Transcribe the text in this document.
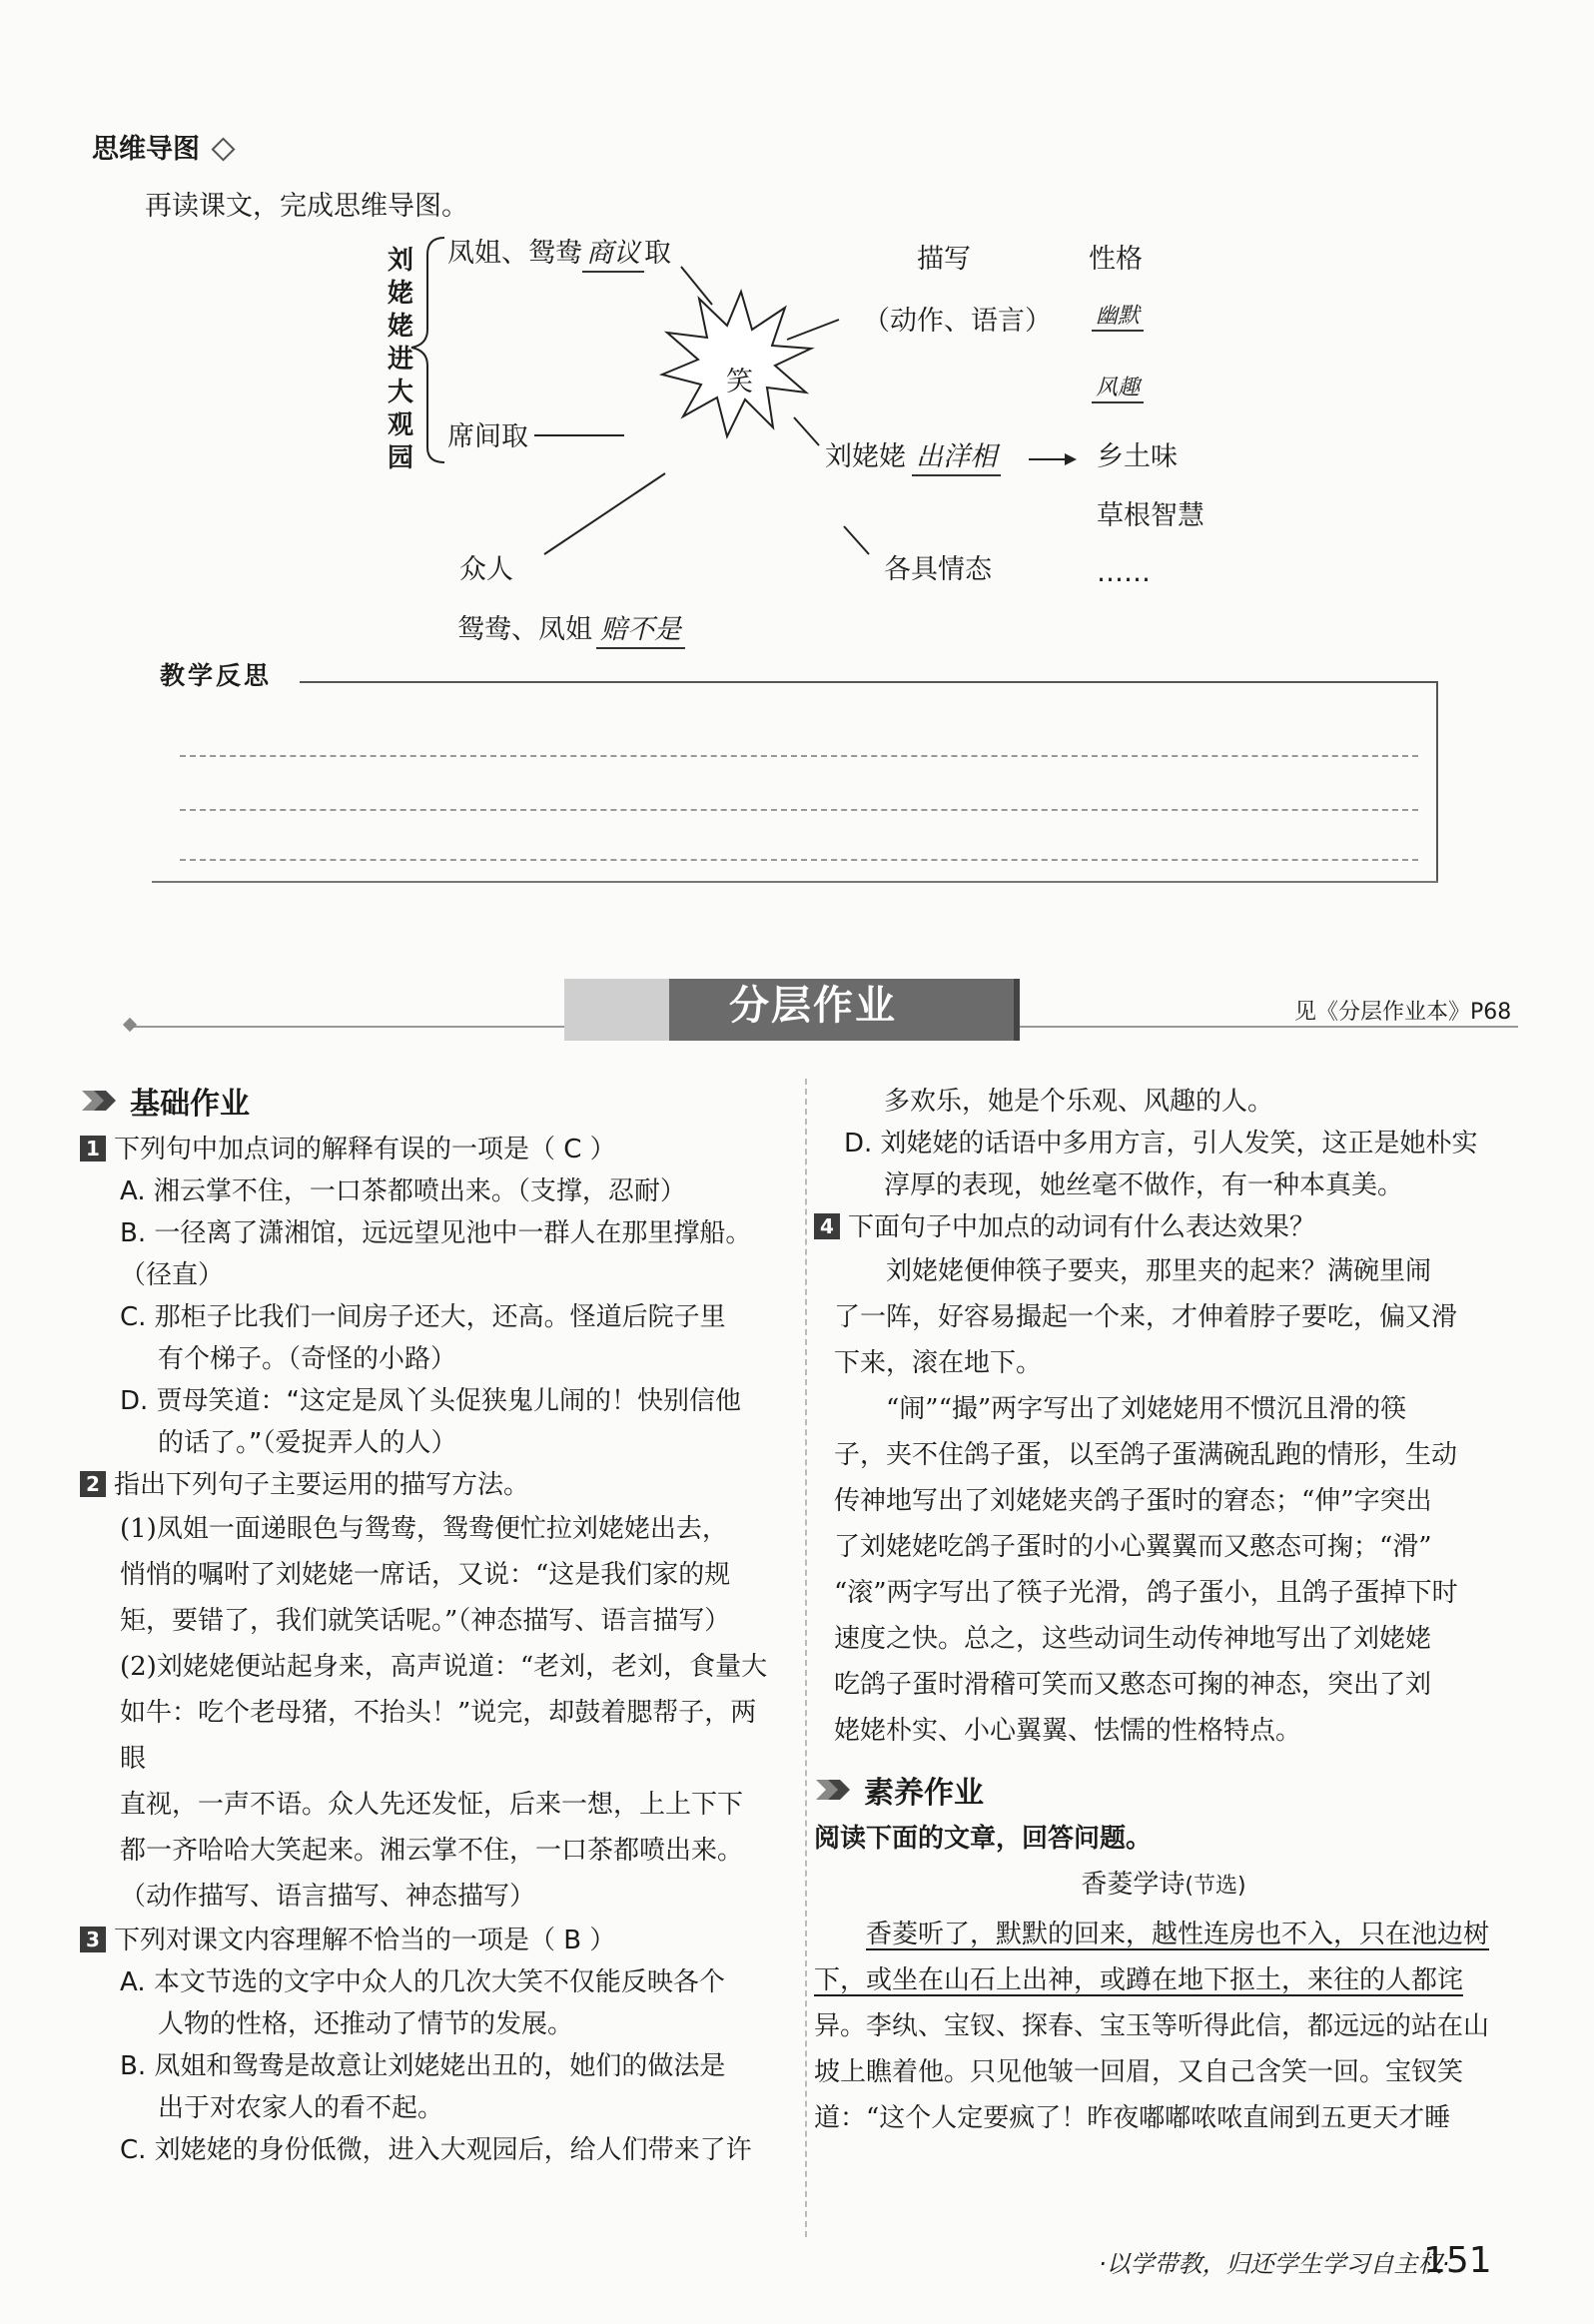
思维导图
再读课文，完成思维导图。
刘
姥
姥
进
大
观
园
凤姐、鸳鸯 商议 取
席间取
笑
描写	性格
（动作、语言） 幽默
风趣
刘姥姥 出洋相	乡土味
草根智慧
……
众人	各具情态
鸳鸯、凤姐 赔不是
教学反思
分层作业	见《分层作业本》P68
基础作业
1 下列句中加点词的解释有误的一项是（ C ）
A. 湘云掌不住，一口茶都喷出来。（支撑，忍耐）
B. 一径离了潇湘馆，远远望见池中一群人在那里撑船。
（径直）
C. 那柜子比我们一间房子还大，还高。怪道后院子里
有个梯子。（奇怪的小路）
D. 贾母笑道：“这定是凤丫头促狭鬼儿闹的！快别信他
的话了。”（爱捉弄人的人）
2 指出下列句子主要运用的描写方法。
(1)凤姐一面递眼色与鸳鸯，鸳鸯便忙拉刘姥姥出去，
悄悄的嘱咐了刘姥姥一席话，又说：“这是我们家的规
矩，要错了，我们就笑话呢。”（神态描写、语言描写）
(2)刘姥姥便站起身来，高声说道：“老刘，老刘，食量大
如牛：吃个老母猪，不抬头！”说完，却鼓着腮帮子，两眼
直视，一声不语。众人先还发怔，后来一想，上上下下
都一齐哈哈大笑起来。湘云掌不住，一口茶都喷出来。
（动作描写、语言描写、神态描写）
3 下列对课文内容理解不恰当的一项是（ B ）
A. 本文节选的文字中众人的几次大笑不仅能反映各个
人物的性格，还推动了情节的发展。
B. 凤姐和鸳鸯是故意让刘姥姥出丑的，她们的做法是
出于对农家人的看不起。
C. 刘姥姥的身份低微，进入大观园后，给人们带来了许
多欢乐，她是个乐观、风趣的人。
D. 刘姥姥的话语中多用方言，引人发笑，这正是她朴实
淳厚的表现，她丝毫不做作，有一种本真美。
4 下面句子中加点的动词有什么表达效果？
刘姥姥便伸筷子要夹，那里夹的起来？满碗里闹
了一阵，好容易撮起一个来，才伸着脖子要吃，偏又滑
下来，滚在地下。
“闹”“撮”两字写出了刘姥姥用不惯沉且滑的筷
子，夹不住鸽子蛋，以至鸽子蛋满碗乱跑的情形，生动
传神地写出了刘姥姥夹鸽子蛋时的窘态；“伸”字突出
了刘姥姥吃鸽子蛋时的小心翼翼而又憨态可掬；“滑”
“滚”两字写出了筷子光滑，鸽子蛋小，且鸽子蛋掉下时
速度之快。总之，这些动词生动传神地写出了刘姥姥
吃鸽子蛋时滑稽可笑而又憨态可掬的神态，突出了刘
姥姥朴实、小心翼翼、怯懦的性格特点。
素养作业
阅读下面的文章，回答问题。
香菱学诗(节选)
香菱听了，默默的回来，越性连房也不入，只在池边树
下，或坐在山石上出神，或蹲在地下抠土，来往的人都诧
异。李纨、宝钗、探春、宝玉等听得此信，都远远的站在山
坡上瞧着他。只见他皱一回眉，又自己含笑一回。宝钗笑
道：“这个人定要疯了！昨夜嘟嘟哝哝直闹到五更天才睡
·以学带教，归还学生学习自主权·
151
